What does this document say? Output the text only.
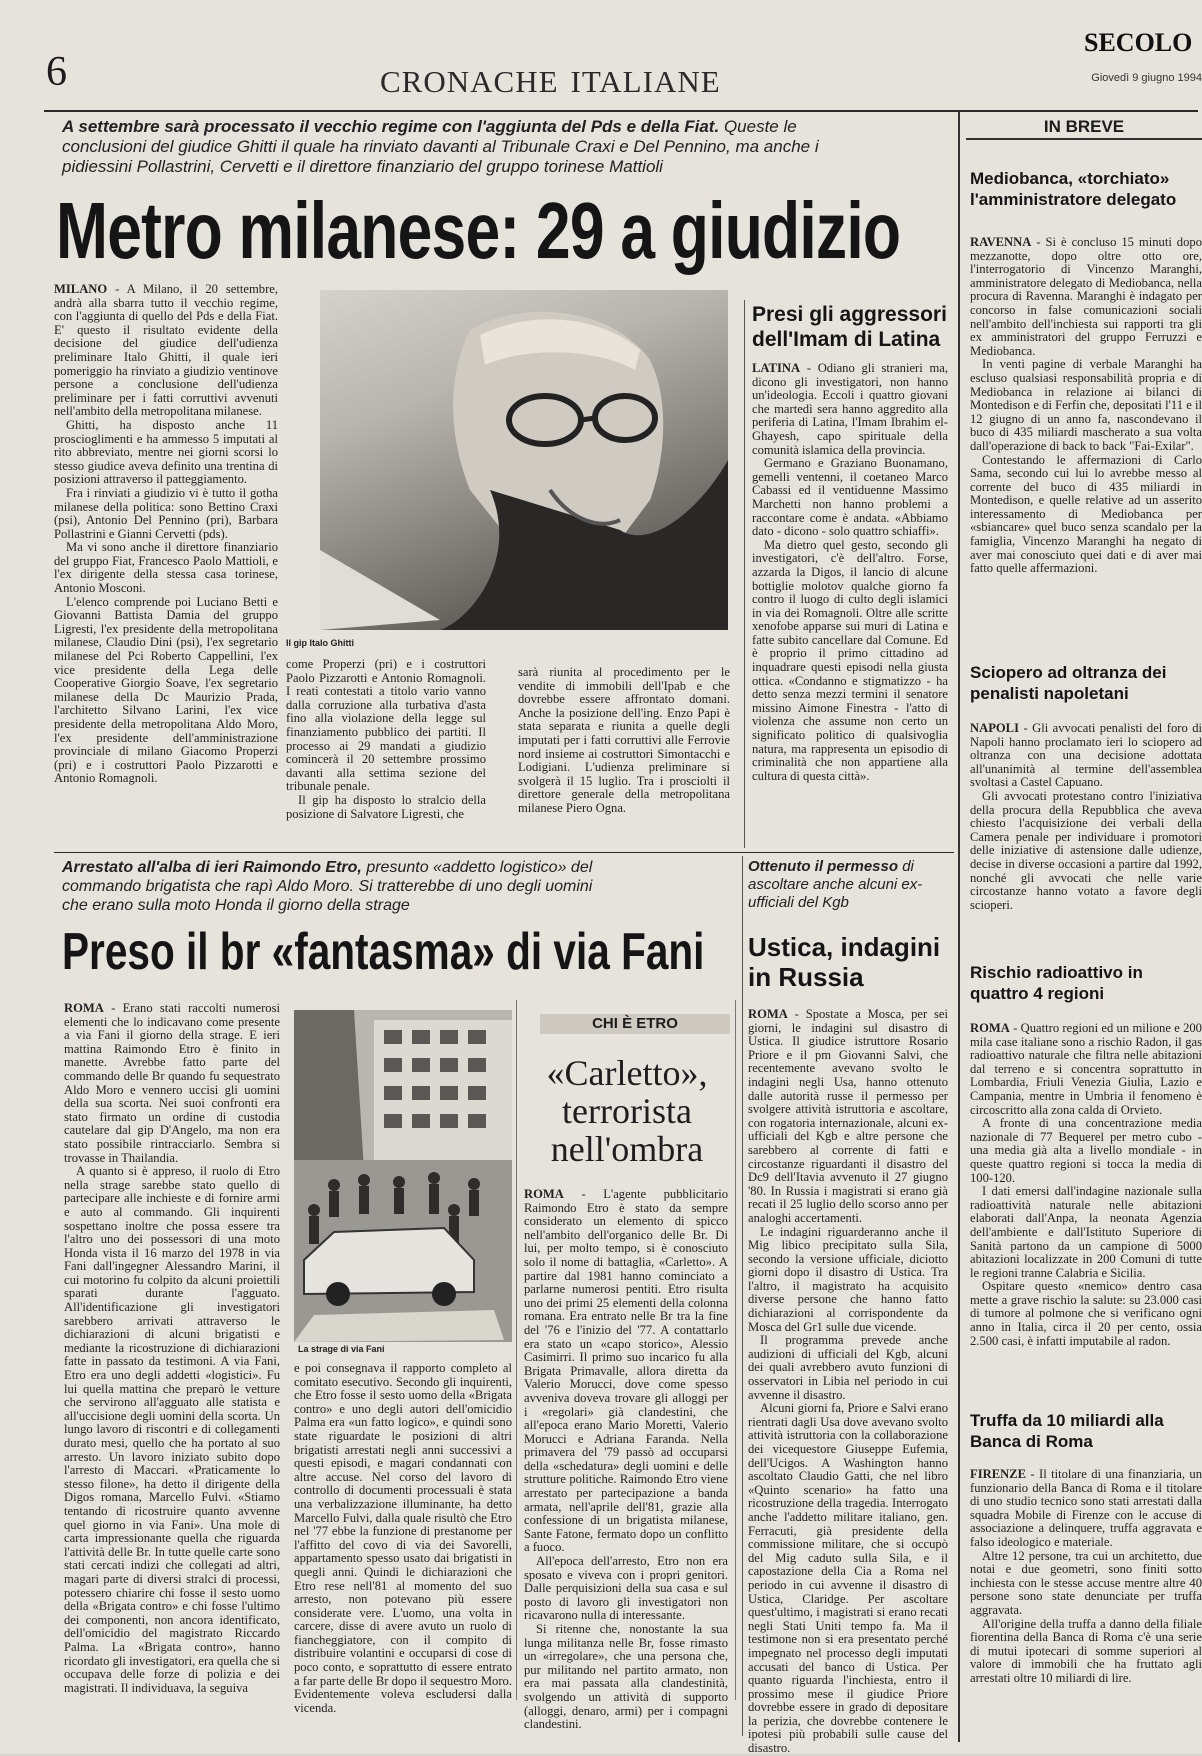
6	cronache italiane
SECOLO
Giovedì 9 giugno 1994
A settembre sarà processato il vecchio regime con l'aggiunta del Pds e della Fiat. Queste le conclusioni del giudice Ghitti il quale ha rinviato davanti al Tribunale Craxi e Del Pennino, ma anche i pidiessini Pollastrini, Cervetti e il direttore finanziario del gruppo torinese Mattioli
Metro milanese: 29 a giudizio

MILANO - A Milano, il 20 settembre, andrà alla sbarra tutto il vecchio regime, con l'aggiunta di quello del Pds e della Fiat. E' questo il risultato evidente della decisione del giudice dell'udienza preliminare Italo Ghitti, il quale ieri pomeriggio ha rinviato a giudizio ventinove persone a conclusione dell'udienza preliminare per i fatti corruttivi avvenuti nell'ambito della metropolitana milanese.

Ghitti, ha disposto anche 11 proscioglimenti e ha ammesso 5 imputati al rito abbreviato, mentre nei giorni scorsi lo stesso giudice aveva definito una trentina di posizioni attraverso il patteggiamento.

Fra i rinviati a giudizio vi è tutto il gotha milanese della politica: sono Bettino Craxi (psi), Antonio Del Pennino (pri), Barbara Pollastrini e Gianni Cervetti (pds).

Ma vi sono anche il direttore finanziario del gruppo Fiat, Francesco Paolo Mattioli, e l'ex dirigente della stessa casa torinese, Antonio Mosconi.

L'elenco comprende poi Luciano Betti e Giovanni Battista Damia del gruppo Ligresti, l'ex presidente della metropolitana milanese, Claudio Dini (psi), l'ex segretario milanese del Pci Roberto Cappellini, l'ex vice presidente della Lega delle Cooperative Giorgio Soave, l'ex segretario milanese della Dc Maurizio Prada, l'architetto Silvano Larini, l'ex vice presidente della metropolitana Aldo Moro, l'ex presidente dell'amministrazione provinciale di milano Giacomo Properzi (pri) e i costruttori Paolo Pizzarotti e Antonio Romagnoli.

Il gip Italo Ghitti

come Properzi (pri) e i costruttori Paolo Pizzarotti e Antonio Romagnoli. I reati contestati a titolo vario vanno dalla corruzione alla turbativa d'asta fino alla violazione della legge sul finanziamento pubblico dei partiti. Il processo ai 29 mandati a giudizio comincerà il 20 settembre prossimo davanti alla settima sezione del tribunale penale.

Il gip ha disposto lo stralcio della posizione di Salvatore Ligresti, che

sarà riunita al procedimento per le vendite di immobili dell'Ipab e che dovrebbe essere affrontato domani. Anche la posizione dell'ing. Enzo Papi è stata separata e riunita a quelle degli imputati per i fatti corruttivi alle Ferrovie nord insieme ai costruttori Simontacchi e Lodigiani. L'udienza preliminare si svolgerà il 15 luglio. Tra i prosciolti il direttore generale della metropolitana milanese Piero Ogna.

Presi gli aggressori dell'Imam di Latina

LATINA - Odiano gli stranieri ma, dicono gli investigatori, non hanno un'ideologia. Eccoli i quattro giovani che martedì sera hanno aggredito alla periferia di Latina, l'Imam Ibrahim el-Ghayesh, capo spirituale della comunità islamica della provincia.

Germano e Graziano Buonamano, gemelli ventenni, il coetaneo Marco Cabassi ed il ventiduenne Massimo Marchetti non hanno problemi a raccontare come è andata. «Abbiamo dato - dicono - solo quattro schiaffi».

Ma dietro quel gesto, secondo gli investigatori, c'è dell'altro. Forse, azzarda la Digos, il lancio di alcune bottiglie molotov qualche giorno fa contro il luogo di culto degli islamici in via dei Romagnoli. Oltre alle scritte xenofobe apparse sui muri di Latina e fatte subito cancellare dal Comune. Ed è proprio il primo cittadino ad inquadrare questi episodi nella giusta ottica. «Condanno e stigmatizzo - ha detto senza mezzi termini il senatore missino Aimone Finestra - l'atto di violenza che assume non certo un significato politico di qualsivoglia natura, ma rappresenta un episodio di criminalità che non appartiene alla cultura di questa città».

Arrestato all'alba di ieri Raimondo Etro, presunto «addetto logistico» del commando brigatista che rapì Aldo Moro. Si tratterebbe di uno degli uomini che erano sulla moto Honda il giorno della strage
Preso il br «fantasma» di via Fani

ROMA - Erano stati raccolti numerosi elementi che lo indicavano come presente a via Fani il giorno della strage. E ieri mattina Raimondo Etro è finito in manette. Avrebbe fatto parte del commando delle Br quando fu sequestrato Aldo Moro e vennero uccisi gli uomini della sua scorta. Nei suoi confronti era stato firmato un ordine di custodia cautelare dal gip D'Angelo, ma non era stato possibile rintracciarlo. Sembra si trovasse in Thailandia.

A quanto si è appreso, il ruolo di Etro nella strage sarebbe stato quello di partecipare alle inchieste e di fornire armi e auto al commando. Gli inquirenti sospettano inoltre che possa essere tra l'altro uno dei possessori di una moto Honda vista il 16 marzo del 1978 in via Fani dall'ingegner Alessandro Marini, il cui motorino fu colpito da alcuni proiettili sparati durante l'agguato. All'identificazione gli investigatori sarebbero arrivati attraverso le dichiarazioni di alcuni brigatisti e mediante la ricostruzione di dichiarazioni fatte in passato da testimoni. A via Fani, Etro era uno degli addetti «logistici». Fu lui quella mattina che preparò le vetture che servirono all'agguato alle statista e all'uccisione degli uomini della scorta. Un lungo lavoro di riscontri e di collegamenti durato mesi, quello che ha portato al suo arresto. Un lavoro iniziato subito dopo l'arresto di Maccari. «Praticamente lo stesso filone», ha detto il dirigente della Digos romana, Marcello Fulvi. «Stiamo tentando di ricostruire quanto avvenne quel giorno in via Fani». Una mole di carta impressionante quella che riguarda l'attività delle Br. In tutte quelle carte sono stati cercati indizi che collegati ad altri, magari parte di diversi stralci di processi, potessero chiarire chi fosse il sesto uomo della «Brigata contro» e chi fosse l'ultimo dei componenti, non ancora identificato, dell'omicidio del magistrato Riccardo Palma. La «Brigata contro», hanno ricordato gli investigatori, era quella che si occupava delle forze di polizia e dei magistrati. Il individuava, la seguiva

La strage di via Fani

e poi consegnava il rapporto completo al comitato esecutivo. Secondo gli inquirenti, che Etro fosse il sesto uomo della «Brigata contro» e uno degli autori dell'omicidio Palma era «un fatto logico», e quindi sono state riguardate le posizioni di altri brigatisti arrestati negli anni successivi a questi episodi, e magari condannati con altre accuse. Nel corso del lavoro di controllo di documenti processuali è stata una verbalizzazione illuminante, ha detto Marcello Fulvi, dalla quale risultò che Etro nel '77 ebbe la funzione di prestanome per l'affitto del covo di via dei Savorelli, appartamento spesso usato dai brigatisti in quegli anni. Quindi le dichiarazioni che Etro rese nell'81 al momento del suo arresto, non potevano più essere considerate vere. L'uomo, una volta in carcere, disse di avere avuto un ruolo di fiancheggiatore, con il compito di distribuire volantini e occuparsi di cose di poco conto, e soprattutto di essere entrato a far parte delle Br dopo il sequestro Moro. Evidentemente voleva escludersi dalla vicenda.

CHI È ETRO
«Carletto», terrorista nell'ombra

ROMA - L'agente pubblicitario Raimondo Etro è stato da sempre considerato un elemento di spicco nell'ambito dell'organico delle Br. Di lui, per molto tempo, si è conosciuto solo il nome di battaglia, «Carletto». A partire dal 1981 hanno cominciato a parlarne numerosi pentiti. Etro risulta uno dei primi 25 elementi della colonna romana. Era entrato nelle Br tra la fine del '76 e l'inizio del '77. A contattarlo era stato un «capo storico», Alessio Casimirri. Il primo suo incarico fu alla Brigata Primavalle, allora diretta da Valerio Morucci, dove come spesso avveniva doveva trovare gli alloggi per i «regolari» già clandestini, che all'epoca erano Mario Moretti, Valerio Morucci e Adriana Faranda. Nella primavera del '79 passò ad occuparsi della «schedatura» degli uomini e delle strutture politiche. Raimondo Etro viene arrestato per partecipazione a banda armata, nell'aprile dell'81, grazie alla confessione di un brigatista milanese, Sante Fatone, fermato dopo un conflitto a fuoco.

All'epoca dell'arresto, Etro non era sposato e viveva con i propri genitori. Dalle perquisizioni della sua casa e sul posto di lavoro gli investigatori non ricavarono nulla di interessante.

Si ritenne che, nonostante la sua lunga militanza nelle Br, fosse rimasto un «irregolare», che una persona che, pur militando nel partito armato, non era mai passata alla clandestinità, svolgendo un attività di supporto (alloggi, denaro, armi) per i compagni clandestini.

Ottenuto il permesso di ascoltare anche alcuni ex-ufficiali del Kgb
Ustica, indagini in Russia

ROMA - Spostate a Mosca, per sei giorni, le indagini sul disastro di Ustica. Il giudice istruttore Rosario Priore e il pm Giovanni Salvi, che recentemente avevano svolto le indagini negli Usa, hanno ottenuto dalle autorità russe il permesso per svolgere attività istruttoria e ascoltare, con rogatoria internazionale, alcuni ex-ufficiali del Kgb e altre persone che sarebbero al corrente di fatti e circostanze riguardanti il disastro del Dc9 dell'Itavia avvenuto il 27 giugno '80. In Russia i magistrati si erano già recati il 25 luglio dello scorso anno per analoghi accertamenti.

Le indagini riguarderanno anche il Mig libico precipitato sulla Sila, secondo la versione ufficiale, diciotto giorni dopo il disastro di Ustica. Tra l'altro, il magistrato ha acquisito diverse persone che hanno fatto dichiarazioni al corrispondente da Mosca del Gr1 sulle due vicende.

Il programma prevede anche audizioni di ufficiali del Kgb, alcuni dei quali avrebbero avuto funzioni di osservatori in Libia nel periodo in cui avvenne il disastro.

Alcuni giorni fa, Priore e Salvi erano rientrati dagli Usa dove avevano svolto attività istruttoria con la collaborazione dei vicequestore Giuseppe Eufemia, dell'Ucigos. A Washington hanno ascoltato Claudio Gatti, che nel libro «Quinto scenario» ha fatto una ricostruzione della tragedia. Interrogato anche l'addetto militare italiano, gen. Ferracuti, già presidente della commissione militare, che si occupò del Mig caduto sulla Sila, e il capostazione della Cia a Roma nel periodo in cui avvenne il disastro di Ustica, Claridge. Per ascoltare quest'ultimo, i magistrati si erano recati negli Stati Uniti tempo fa. Ma il testimone non si era presentato perché impegnato nel processo degli imputati accusati del banco di Ustica. Per quanto riguarda l'inchiesta, entro il prossimo mese il giudice Priore dovrebbe essere in grado di depositare la perizia, che dovrebbe contenere le ipotesi più probabili sulle cause del disastro.

IN BREVE
Mediobanca, «torchiato» l'amministratore delegato

RAVENNA - Si è concluso 15 minuti dopo mezzanotte, dopo oltre otto ore, l'interrogatorio di Vincenzo Maranghi, amministratore delegato di Mediobanca, nella procura di Ravenna. Maranghi è indagato per concorso in false comunicazioni sociali nell'ambito dell'inchiesta sui rapporti tra gli ex amministratori del gruppo Ferruzzi e Mediobanca.

In venti pagine di verbale Maranghi ha escluso qualsiasi responsabilità propria e di Mediobanca in relazione ai bilanci di Montedison e di Ferfin che, depositati l'11 e il 12 giugno di un anno fa, nascondevano il buco di 435 miliardi mascherato a sua volta dall'operazione di back to back "Fai-Exilar".

Contestando le affermazioni di Carlo Sama, secondo cui lui lo avrebbe messo al corrente del buco di 435 miliardi in Montedison, e quelle relative ad un asserito interessamento di Mediobanca per «sbiancare» quel buco senza scandalo per la famiglia, Vincenzo Maranghi ha negato di aver mai conosciuto quei dati e di aver mai fatto quelle affermazioni.

Sciopero ad oltranza dei penalisti napoletani

NAPOLI - Gli avvocati penalisti del foro di Napoli hanno proclamato ieri lo sciopero ad oltranza con una decisione adottata all'unanimità al termine dell'assemblea svoltasi a Castel Capuano.

Gli avvocati protestano contro l'iniziativa della procura della Repubblica che aveva chiesto l'acquisizione dei verbali della Camera penale per individuare i promotori delle iniziative di astensione dalle udienze, decise in diverse occasioni a partire dal 1992, nonché gli avvocati che nelle varie circostanze hanno votato a favore degli scioperi.

Rischio radioattivo in quattro 4 regioni

ROMA - Quattro regioni ed un milione e 200 mila case italiane sono a rischio Radon, il gas radioattivo naturale che filtra nelle abitazioni dal terreno e si concentra soprattutto in Lombardia, Friuli Venezia Giulia, Lazio e Campania, mentre in Umbria il fenomeno è circoscritto alla zona calda di Orvieto.

A fronte di una concentrazione media nazionale di 77 Bequerel per metro cubo - una media già alta a livello mondiale - in queste quattro regioni si tocca la media di 100-120.

I dati emersi dall'indagine nazionale sulla radioattività naturale nelle abitazioni elaborati dall'Anpa, la neonata Agenzia dell'ambiente e dall'Istituto Superiore di Sanità partono da un campione di 5000 abitazioni localizzate in 200 Comuni di tutte le regioni tranne Calabria e Sicilia.

Ospitare questo «nemico» dentro casa mette a grave rischio la salute: su 23.000 casi di tumore al polmone che si verificano ogni anno in Italia, circa il 20 per cento, ossia 2.500 casi, è infatti imputabile al radon.

Truffa da 10 miliardi alla Banca di Roma

FIRENZE - Il titolare di una finanziaria, un funzionario della Banca di Roma e il titolare di uno studio tecnico sono stati arrestati dalla squadra Mobile di Firenze con le accuse di associazione a delinquere, truffa aggravata e falso ideologico e materiale.

Altre 12 persone, tra cui un architetto, due notai e due geometri, sono finiti sotto inchiesta con le stesse accuse mentre altre 40 persone sono state denunciate per truffa aggravata.

All'origine della truffa a danno della filiale fiorentina della Banca di Roma c'è una serie di mutui ipotecari di somme superiori al valore di immobili che ha fruttato agli arrestati oltre 10 miliardi di lire.
